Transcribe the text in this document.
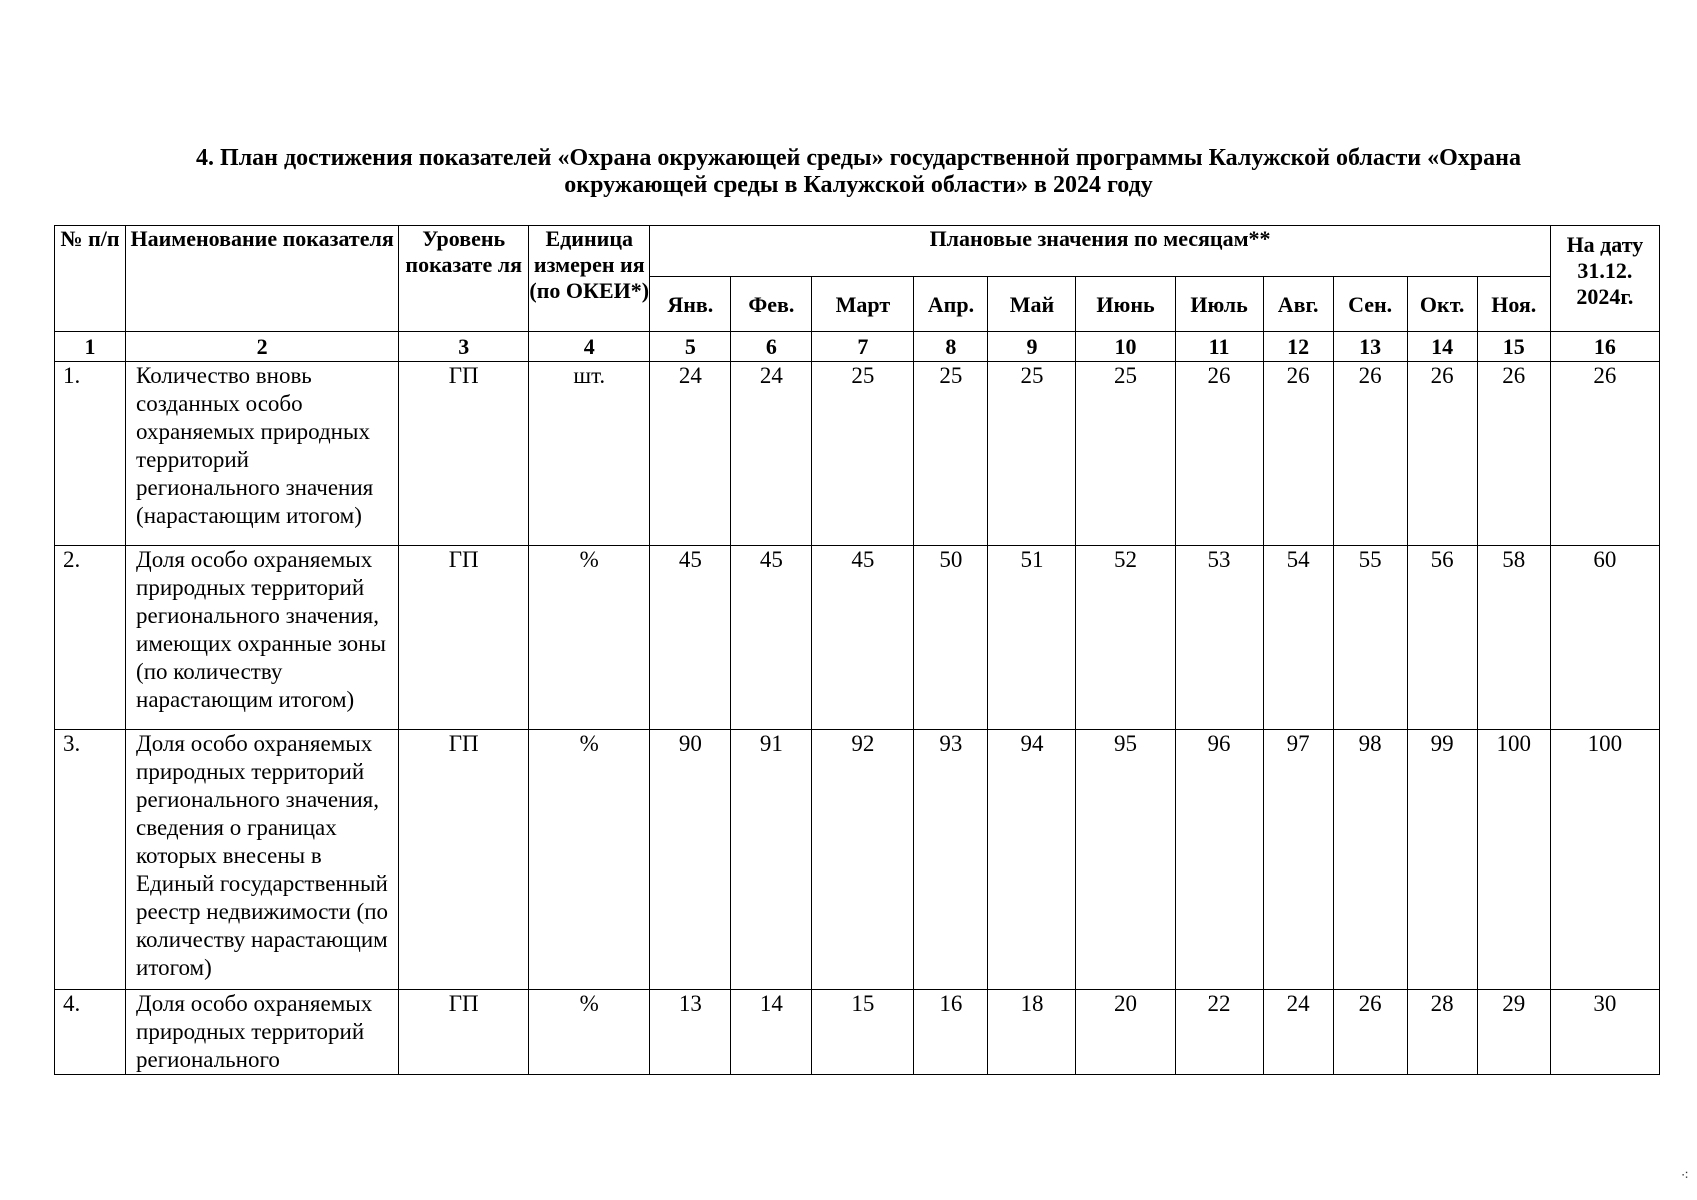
4. План достижения показателей «Охрана окружающей среды» государственной программы Калужской области «Охрана
окружающей среды в Калужской области» в 2024 году
№ п/п	Наименование показателя	Уровень показате ля	Единица измерен ия (по ОКЕИ*)	Плановые значения по месяцам**											На дату 31.12. 2024г.
				Янв.	Фев.	Март	Апр.	Май	Июнь	Июль	Авг.	Сен.	Окт.	Ноя.	
1	2	3	4	5	6	7	8	9	10	11	12	13	14	15	16
1.	Количество вновь созданных особо охраняемых природных территорий регионального значения (нарастающим итогом)	ГП	шт.	24	24	25	25	25	25	26	26	26	26	26	26
2.	Доля особо охраняемых природных территорий регионального значения, имеющих охранные зоны (по количеству нарастающим итогом)	ГП	%	45	45	45	50	51	52	53	54	55	56	58	60
3.	Доля особо охраняемых природных территорий регионального значения, сведения о границах которых внесены в Единый государственный реестр недвижимости (по количеству нарастающим итогом)	ГП	%	90	91	92	93	94	95	96	97	98	99	100	100
4.	Доля особо охраняемых природных территорий регионального	ГП	%	13	14	15	16	18	20	22	24	26	28	29	30
⁖
